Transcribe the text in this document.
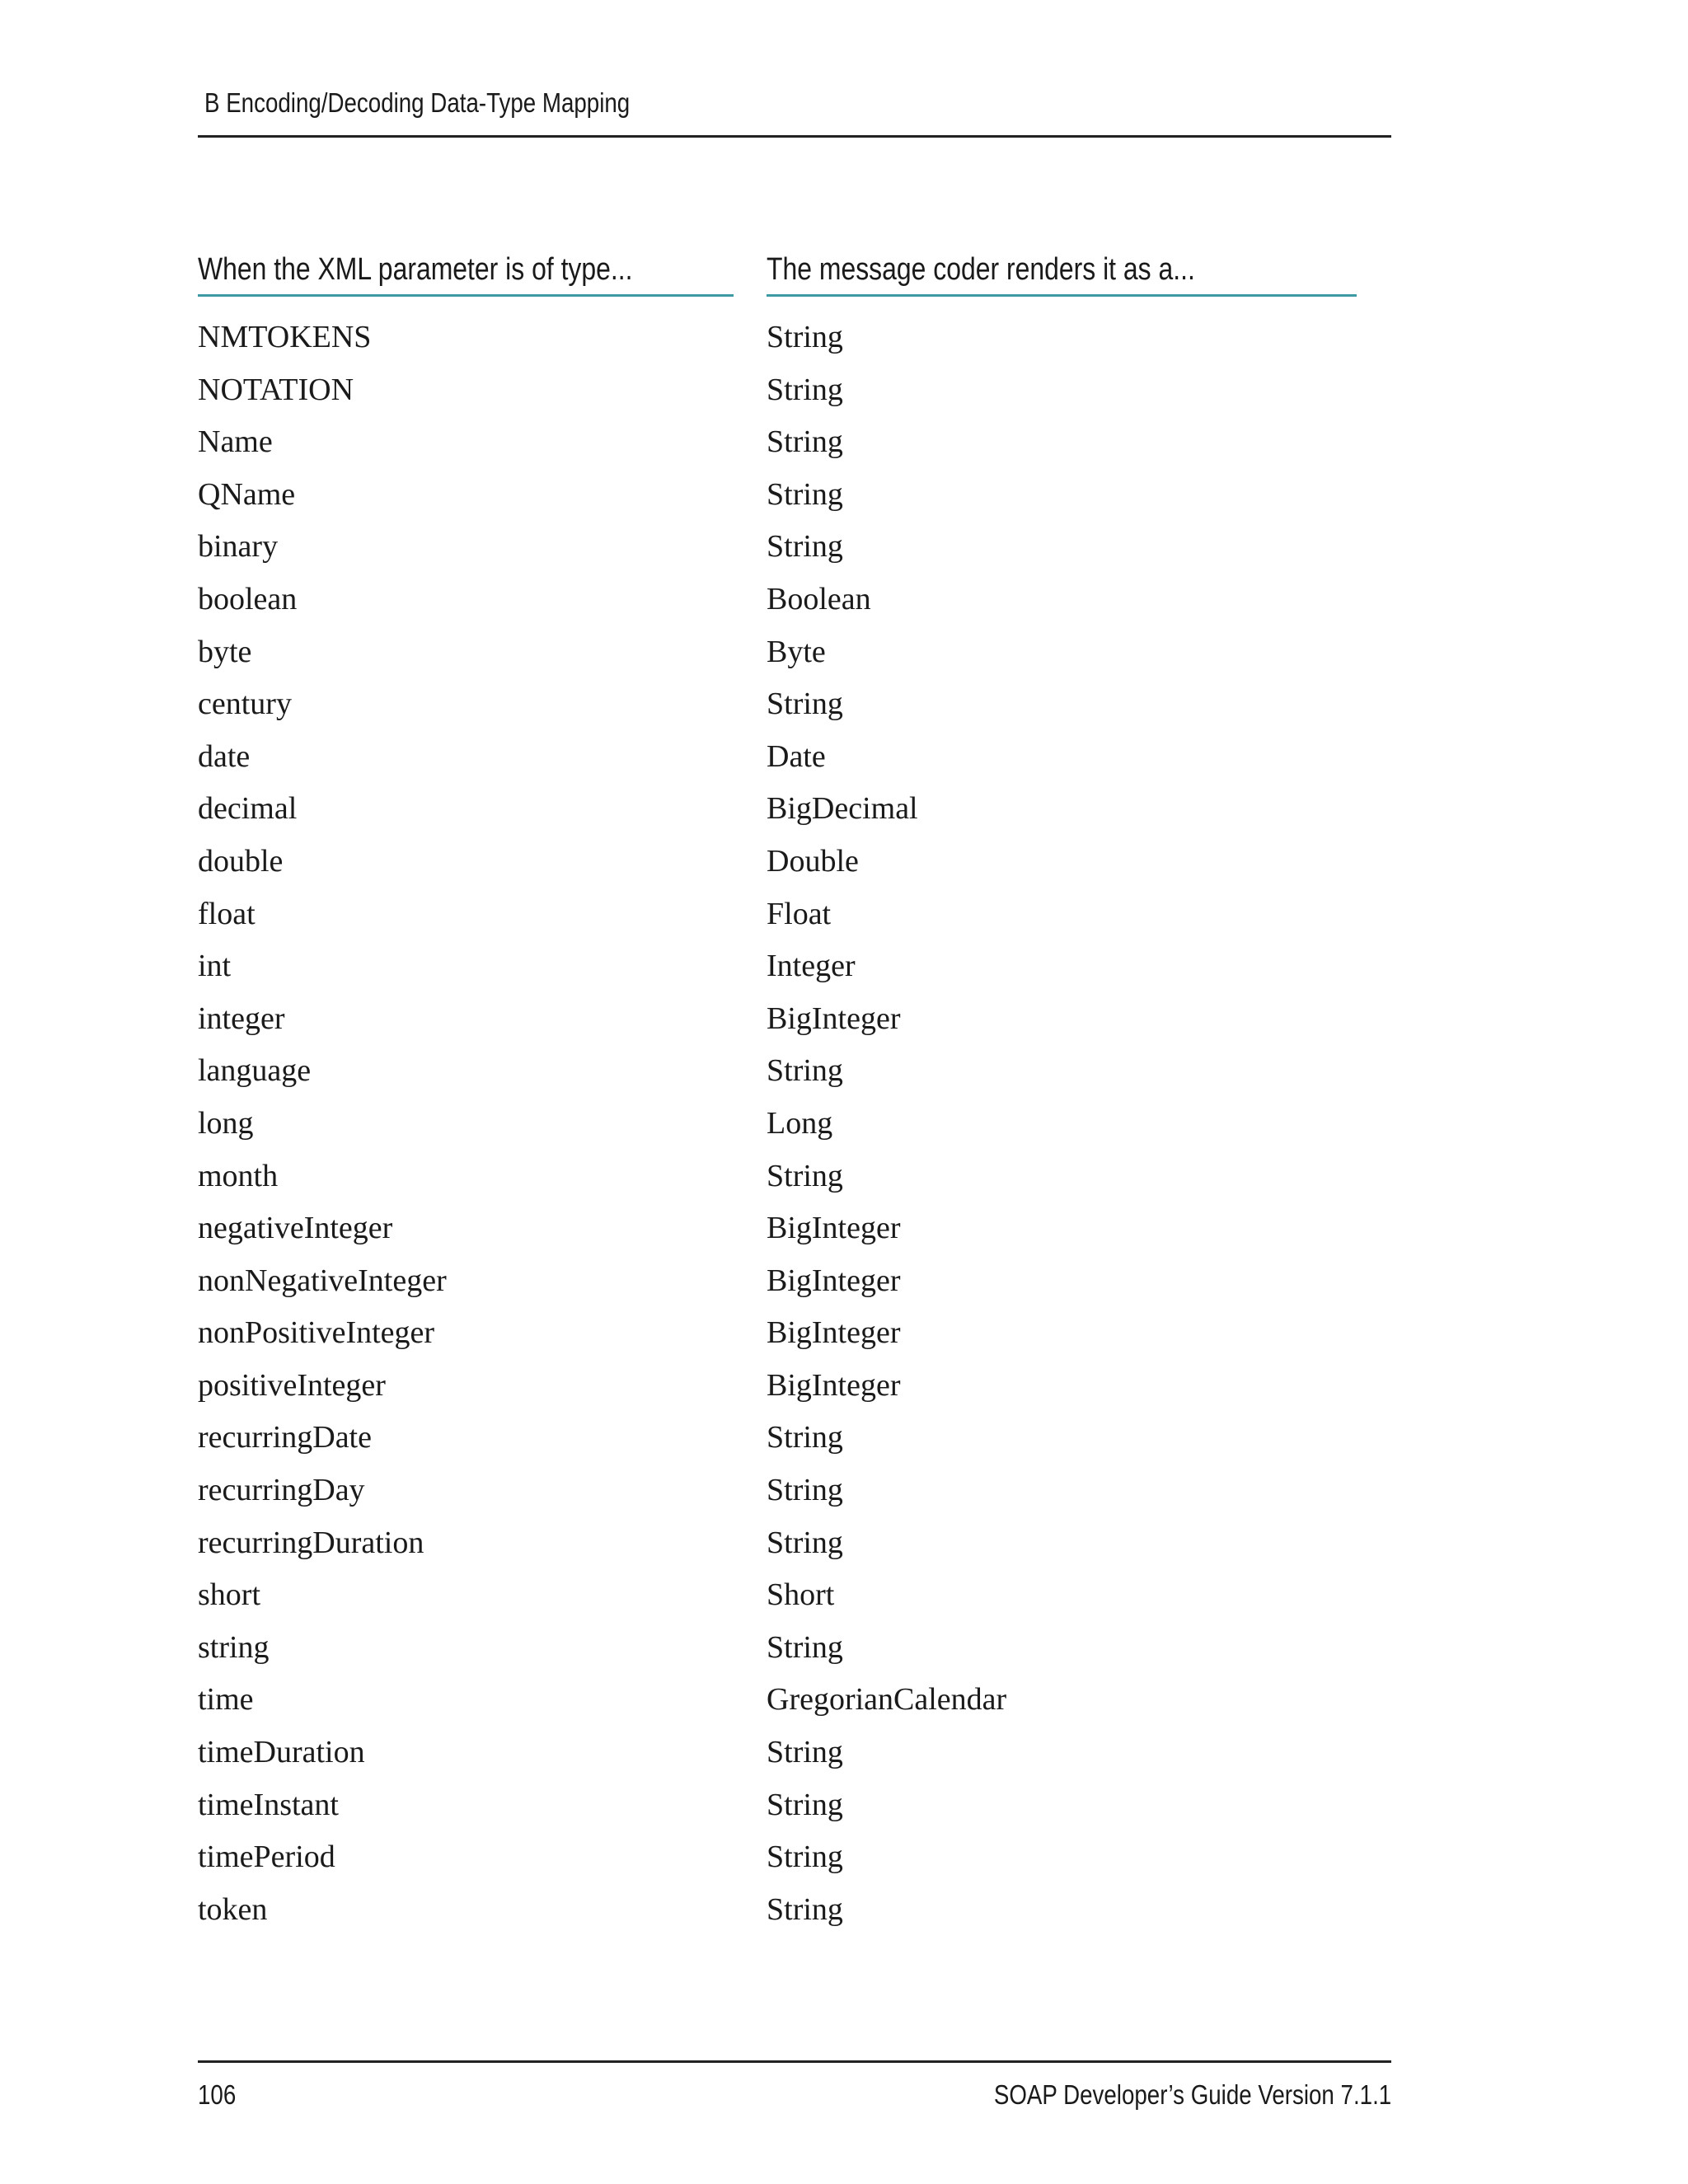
B Encoding/Decoding Data-Type Mapping
When the XML parameter is of type...	The message coder renders it as a...
NMTOKENS	String
NOTATION	String
Name	String
QName	String
binary	String
boolean	Boolean
byte	Byte
century	String
date	Date
decimal	BigDecimal
double	Double
float	Float
int	Integer
integer	BigInteger
language	String
long	Long
month	String
negativeInteger	BigInteger
nonNegativeInteger	BigInteger
nonPositiveInteger	BigInteger
positiveInteger	BigInteger
recurringDate	String
recurringDay	String
recurringDuration	String
short	Short
string	String
time	GregorianCalendar
timeDuration	String
timeInstant	String
timePeriod	String
token	String
106	SOAP Developer’s Guide Version 7.1.1
